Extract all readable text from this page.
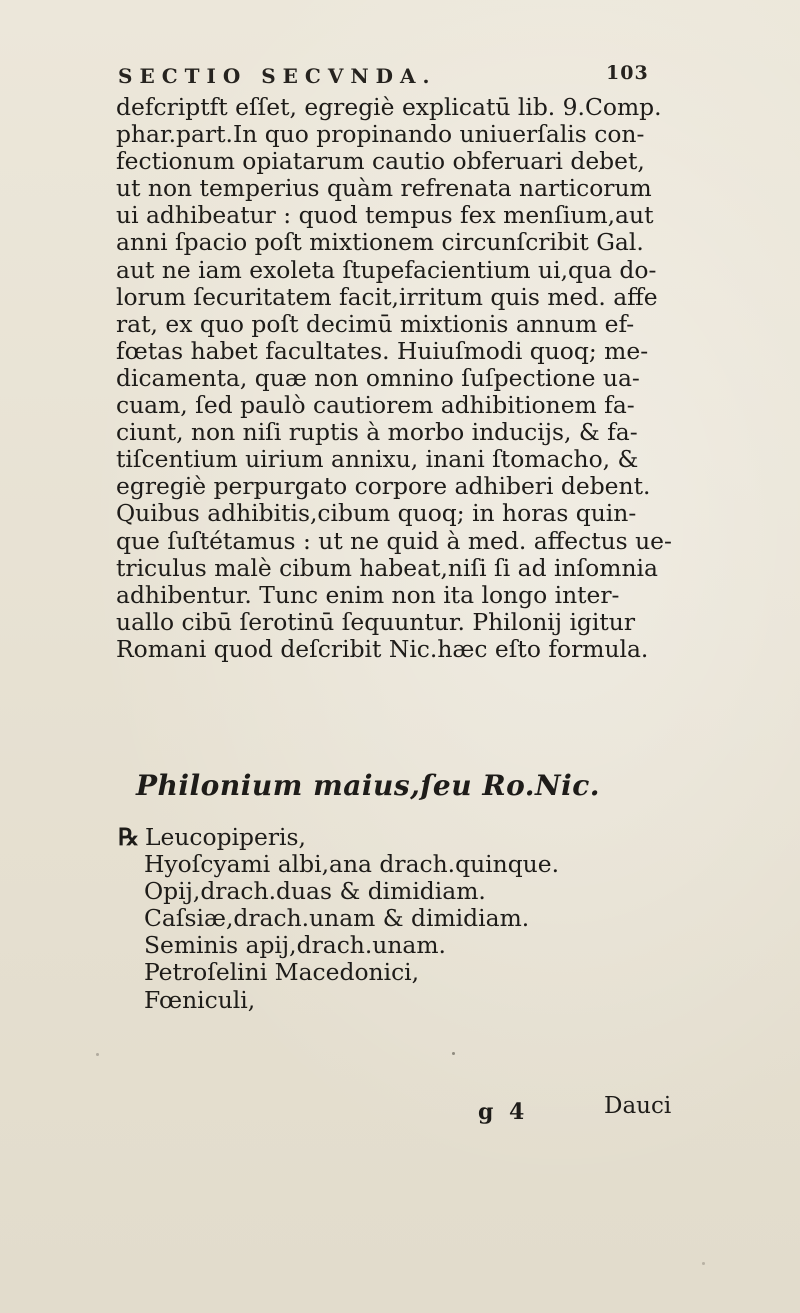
SECTIO SECVNDA.	103
defcriptft eſſet, egregiè explicatū lib. 9.Comp.
phar.part.In quo propinando uniuerſalis con-
fectionum opiatarum cautio obferuari debet,
ut non temperius quàm refrenata narticorum
ui adhibeatur : quod tempus fex menſium,aut
anni ſpacio poſt mixtionem circunſcribit Gal.
aut ne iam exoleta ſtupefacientium ui,qua do-
lorum ſecuritatem facit,irritum quis med. affe
rat, ex quo poſt decimū mixtionis annum ef-
fœtas habet facultates. Huiuſmodi quoq; me-
dicamenta, quæ non omnino ſuſpectione ua-
cuam, ſed paulò cautiorem adhibitionem fa-
ciunt, non niſi ruptis à morbo inducijs, & fa-
tiſcentium uirium annixu, inani ſtomacho, &
egregiè perpurgato corpore adhiberi debent.
Quibus adhibitis,cibum quoq; in horas quin-
que ſuſtétamus : ut ne quid à med. affectus ue-
triculus malè cibum habeat,niſi ſi ad inſomnia
adhibentur. Tunc enim non ita longo inter-
uallo cibū ſerotinū ſequuntur. Philonij igitur
Romani quod deſcribit Nic.hæc eſto formula.
Philonium maius,ſeu Ro.Nic.
℞ Leucopiperis,
Hyoſcyami albi,ana drach.quinque.
Opij,drach.duas & dimidiam.
Caſsiæ,drach.unam & dimidiam.
Seminis apij,drach.unam.
Petroſelini Macedonici,
Fœniculi,
g 4	Dauci
